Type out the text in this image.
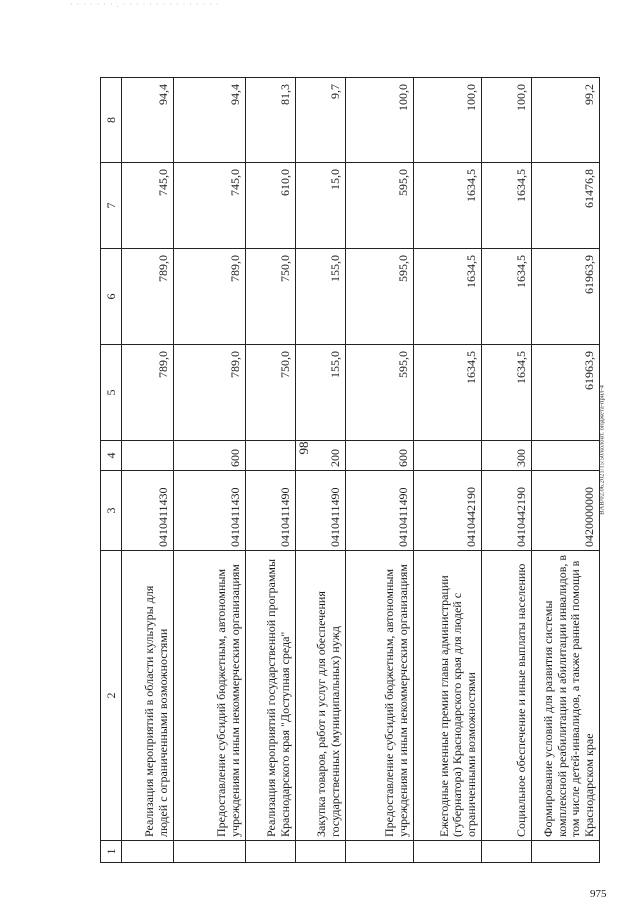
· · · · · · · . · · · · · · · · · · · · · · ·
98
1	2	3	4	5	6	7	8
	Реализация мероприятий в области культуры для людей с ограниченными возможностями	0410411430		789,0	789,0	745,0	94,4
	Предоставление субсидий бюджетным, автономным учреждениям и иным некоммерческим организациям	0410411430	600	789,0	789,0	745,0	94,4
	Реализация мероприятий государственной программы Краснодарского края "Доступная среда"	0410411490		750,0	750,0	610,0	81,3
	Закупка товаров, работ и услуг для обеспечения государственных (муниципальных) нужд	0410411490	200	155,0	155,0	15,0	9,7
	Предоставление субсидий бюджетным, автономным учреждениям и иным некоммерческим организациям	0410411490	600	595,0	595,0	595,0	100,0
	Ежегодные именные премии главы администрации (губернатора) Краснодарского края для людей с ограниченными возможностями	0410442190		1634,5	1634,5	1634,5	100,0
	Социальное обеспечение и иные выплаты населению	0410442190	300	1634,5	1634,5	1634,5	100,0
	Формирование условий для развития системы комплексной реабилитации и абилитации инвалидов, в том числе детей-инвалидов, а также ранней помощи в Краснодарском крае	0420000000		61963,9	61963,9	61476,8	99,2
BAB/02.06.2021/15:50/колонт. бюджета-прил-4
975
